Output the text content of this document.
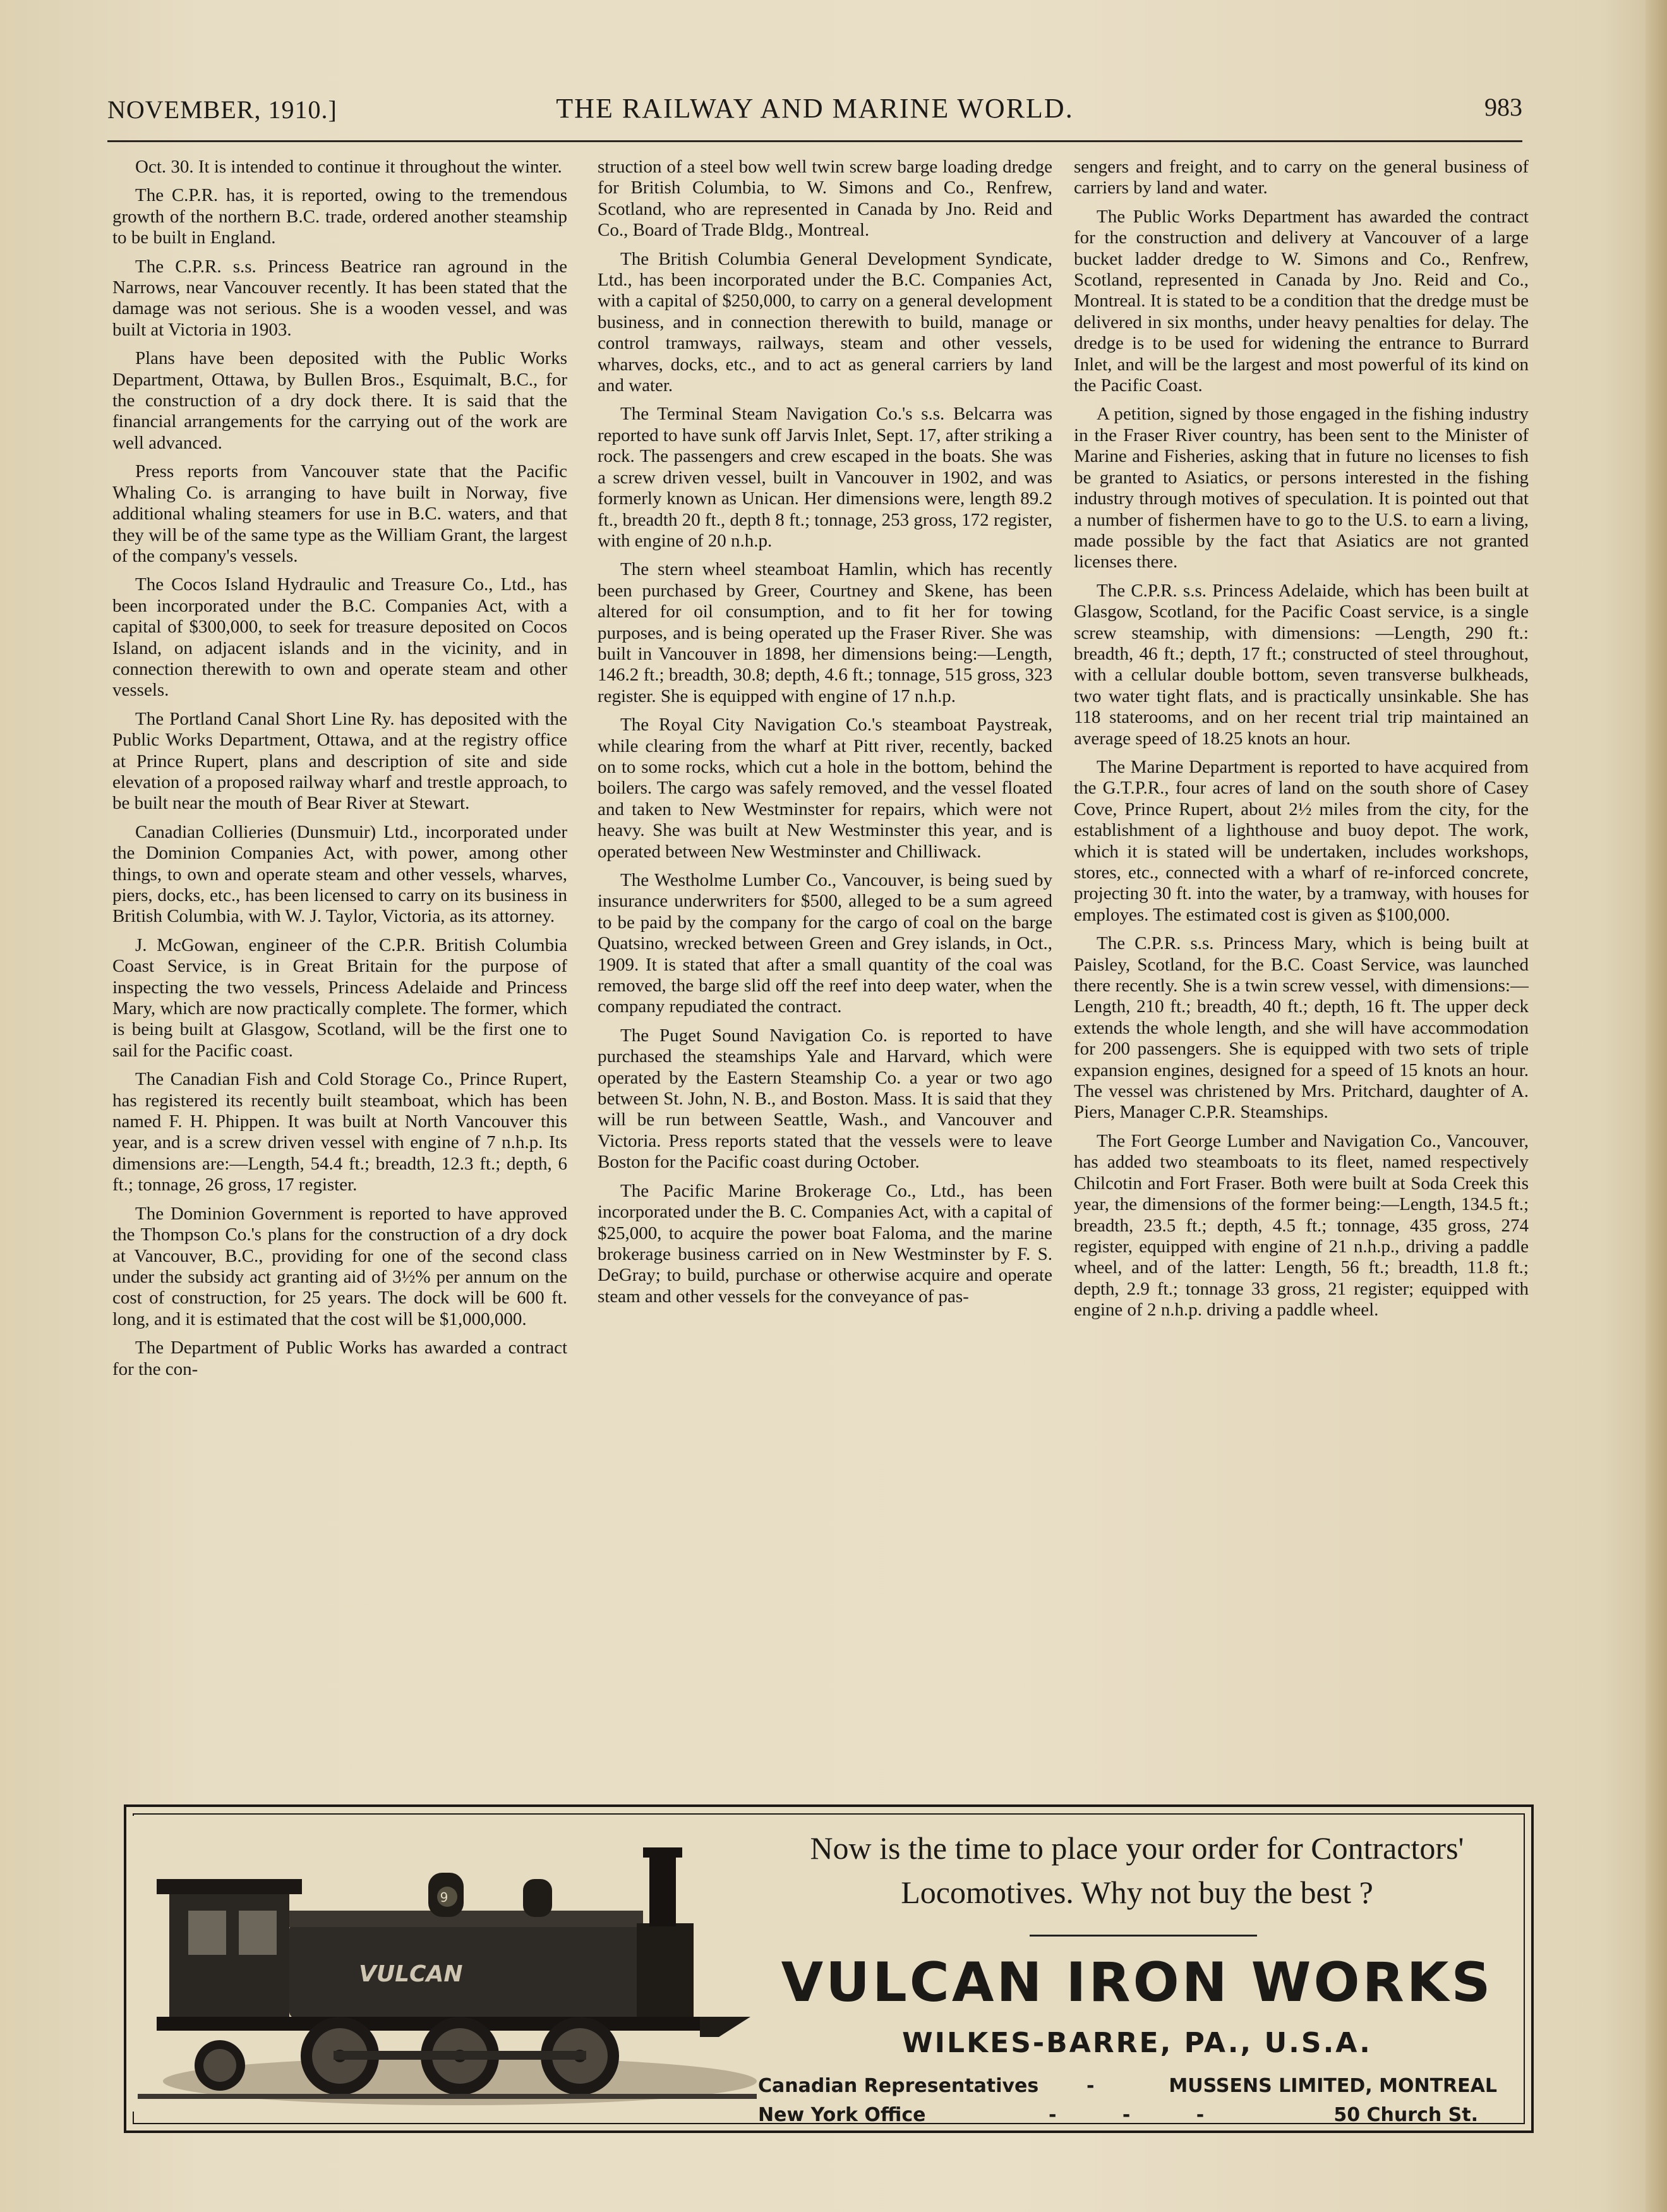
NOVEMBER, 1910.]	THE RAILWAY AND MARINE WORLD.	983

Oct. 30. It is intended to continue it throughout the winter.

The C.P.R. has, it is reported, owing to the tremendous growth of the northern B.C. trade, ordered another steamship to be built in England.

The C.P.R. s.s. Princess Beatrice ran aground in the Narrows, near Vancouver recently. It has been stated that the damage was not serious. She is a wooden vessel, and was built at Victoria in 1903.

Plans have been deposited with the Public Works Department, Ottawa, by Bullen Bros., Esquimalt, B.C., for the construction of a dry dock there. It is said that the financial arrangements for the carrying out of the work are well advanced.

Press reports from Vancouver state that the Pacific Whaling Co. is arranging to have built in Norway, five additional whaling steamers for use in B.C. waters, and that they will be of the same type as the William Grant, the largest of the company's vessels.

The Cocos Island Hydraulic and Treasure Co., Ltd., has been incorporated under the B.C. Companies Act, with a capital of $300,000, to seek for treasure deposited on Cocos Island, on adjacent islands and in the vicinity, and in connection therewith to own and operate steam and other vessels.

The Portland Canal Short Line Ry. has deposited with the Public Works Department, Ottawa, and at the registry office at Prince Rupert, plans and description of site and side elevation of a proposed railway wharf and trestle approach, to be built near the mouth of Bear River at Stewart.

Canadian Collieries (Dunsmuir) Ltd., incorporated under the Dominion Companies Act, with power, among other things, to own and operate steam and other vessels, wharves, piers, docks, etc., has been licensed to carry on its business in British Columbia, with W. J. Taylor, Victoria, as its attorney.

J. McGowan, engineer of the C.P.R. British Columbia Coast Service, is in Great Britain for the purpose of inspecting the two vessels, Princess Adelaide and Princess Mary, which are now practically complete. The former, which is being built at Glasgow, Scotland, will be the first one to sail for the Pacific coast.

The Canadian Fish and Cold Storage Co., Prince Rupert, has registered its recently built steamboat, which has been named F. H. Phippen. It was built at North Vancouver this year, and is a screw driven vessel with engine of 7 n.h.p. Its dimensions are:—Length, 54.4 ft.; breadth, 12.3 ft.; depth, 6 ft.; tonnage, 26 gross, 17 register.

The Dominion Government is reported to have approved the Thompson Co.'s plans for the construction of a dry dock at Vancouver, B.C., providing for one of the second class under the subsidy act granting aid of 3½% per annum on the cost of construction, for 25 years. The dock will be 600 ft. long, and it is estimated that the cost will be $1,000,000.

The Department of Public Works has awarded a contract for the con-

struction of a steel bow well twin screw barge loading dredge for British Columbia, to W. Simons and Co., Renfrew, Scotland, who are represented in Canada by Jno. Reid and Co., Board of Trade Bldg., Montreal.

The British Columbia General Development Syndicate, Ltd., has been incorporated under the B.C. Companies Act, with a capital of $250,000, to carry on a general development business, and in connection therewith to build, manage or control tramways, railways, steam and other vessels, wharves, docks, etc., and to act as general carriers by land and water.

The Terminal Steam Navigation Co.'s s.s. Belcarra was reported to have sunk off Jarvis Inlet, Sept. 17, after striking a rock. The passengers and crew escaped in the boats. She was a screw driven vessel, built in Vancouver in 1902, and was formerly known as Unican. Her dimensions were, length 89.2 ft., breadth 20 ft., depth 8 ft.; tonnage, 253 gross, 172 register, with engine of 20 n.h.p.

The stern wheel steamboat Hamlin, which has recently been purchased by Greer, Courtney and Skene, has been altered for oil consumption, and to fit her for towing purposes, and is being operated up the Fraser River. She was built in Vancouver in 1898, her dimensions being:—Length, 146.2 ft.; breadth, 30.8; depth, 4.6 ft.; tonnage, 515 gross, 323 register. She is equipped with engine of 17 n.h.p.

The Royal City Navigation Co.'s steamboat Paystreak, while clearing from the wharf at Pitt river, recently, backed on to some rocks, which cut a hole in the bottom, behind the boilers. The cargo was safely removed, and the vessel floated and taken to New Westminster for repairs, which were not heavy. She was built at New Westminster this year, and is operated between New Westminster and Chilliwack.

The Westholme Lumber Co., Vancouver, is being sued by insurance underwriters for $500, alleged to be a sum agreed to be paid by the company for the cargo of coal on the barge Quatsino, wrecked between Green and Grey islands, in Oct., 1909. It is stated that after a small quantity of the coal was removed, the barge slid off the reef into deep water, when the company repudiated the contract.

The Puget Sound Navigation Co. is reported to have purchased the steamships Yale and Harvard, which were operated by the Eastern Steamship Co. a year or two ago between St. John, N. B., and Boston. Mass. It is said that they will be run between Seattle, Wash., and Vancouver and Victoria. Press reports stated that the vessels were to leave Boston for the Pacific coast during October.

The Pacific Marine Brokerage Co., Ltd., has been incorporated under the B. C. Companies Act, with a capital of $25,000, to acquire the power boat Faloma, and the marine brokerage business carried on in New Westminster by F. S. DeGray; to build, purchase or otherwise acquire and operate steam and other vessels for the conveyance of pas-

sengers and freight, and to carry on the general business of carriers by land and water.

The Public Works Department has awarded the contract for the construction and delivery at Vancouver of a large bucket ladder dredge to W. Simons and Co., Renfrew, Scotland, represented in Canada by Jno. Reid and Co., Montreal. It is stated to be a condition that the dredge must be delivered in six months, under heavy penalties for delay. The dredge is to be used for widening the entrance to Burrard Inlet, and will be the largest and most powerful of its kind on the Pacific Coast.

A petition, signed by those engaged in the fishing industry in the Fraser River country, has been sent to the Minister of Marine and Fisheries, asking that in future no licenses to fish be granted to Asiatics, or persons interested in the fishing industry through motives of speculation. It is pointed out that a number of fishermen have to go to the U.S. to earn a living, made possible by the fact that Asiatics are not granted licenses there.

The C.P.R. s.s. Princess Adelaide, which has been built at Glasgow, Scotland, for the Pacific Coast service, is a single screw steamship, with dimensions: —Length, 290 ft.: breadth, 46 ft.; depth, 17 ft.; constructed of steel throughout, with a cellular double bottom, seven transverse bulkheads, two water tight flats, and is practically unsinkable. She has 118 staterooms, and on her recent trial trip maintained an average speed of 18.25 knots an hour.

The Marine Department is reported to have acquired from the G.T.P.R., four acres of land on the south shore of Casey Cove, Prince Rupert, about 2½ miles from the city, for the establishment of a lighthouse and buoy depot. The work, which it is stated will be undertaken, includes workshops, stores, etc., connected with a wharf of re-inforced concrete, projecting 30 ft. into the water, by a tramway, with houses for employes. The estimated cost is given as $100,000.

The C.P.R. s.s. Princess Mary, which is being built at Paisley, Scotland, for the B.C. Coast Service, was launched there recently. She is a twin screw vessel, with dimensions:—Length, 210 ft.; breadth, 40 ft.; depth, 16 ft. The upper deck extends the whole length, and she will have accommodation for 200 passengers. She is equipped with two sets of triple expansion engines, designed for a speed of 15 knots an hour. The vessel was christened by Mrs. Pritchard, daughter of A. Piers, Manager C.P.R. Steamships.

The Fort George Lumber and Navigation Co., Vancouver, has added two steamboats to its fleet, named respectively Chilcotin and Fort Fraser. Both were built at Soda Creek this year, the dimensions of the former being:—Length, 134.5 ft.; breadth, 23.5 ft.; depth, 4.5 ft.; tonnage, 435 gross, 274 register, equipped with engine of 21 n.h.p., driving a paddle wheel, and of the latter: Length, 56 ft.; breadth, 11.8 ft.; depth, 2.9 ft.; tonnage 33 gross, 21 register; equipped with engine of 2 n.h.p. driving a paddle wheel.

VULCAN
9
Now is the time to place your order for Contractors'
Locomotives. Why not buy the best ?
VULCAN IRON WORKS
WILKES-BARRE, PA., U.S.A.
Canadian Representatives	-	MUSSENS LIMITED, MONTREAL
New York Office	-          -          -	50 Church St.
